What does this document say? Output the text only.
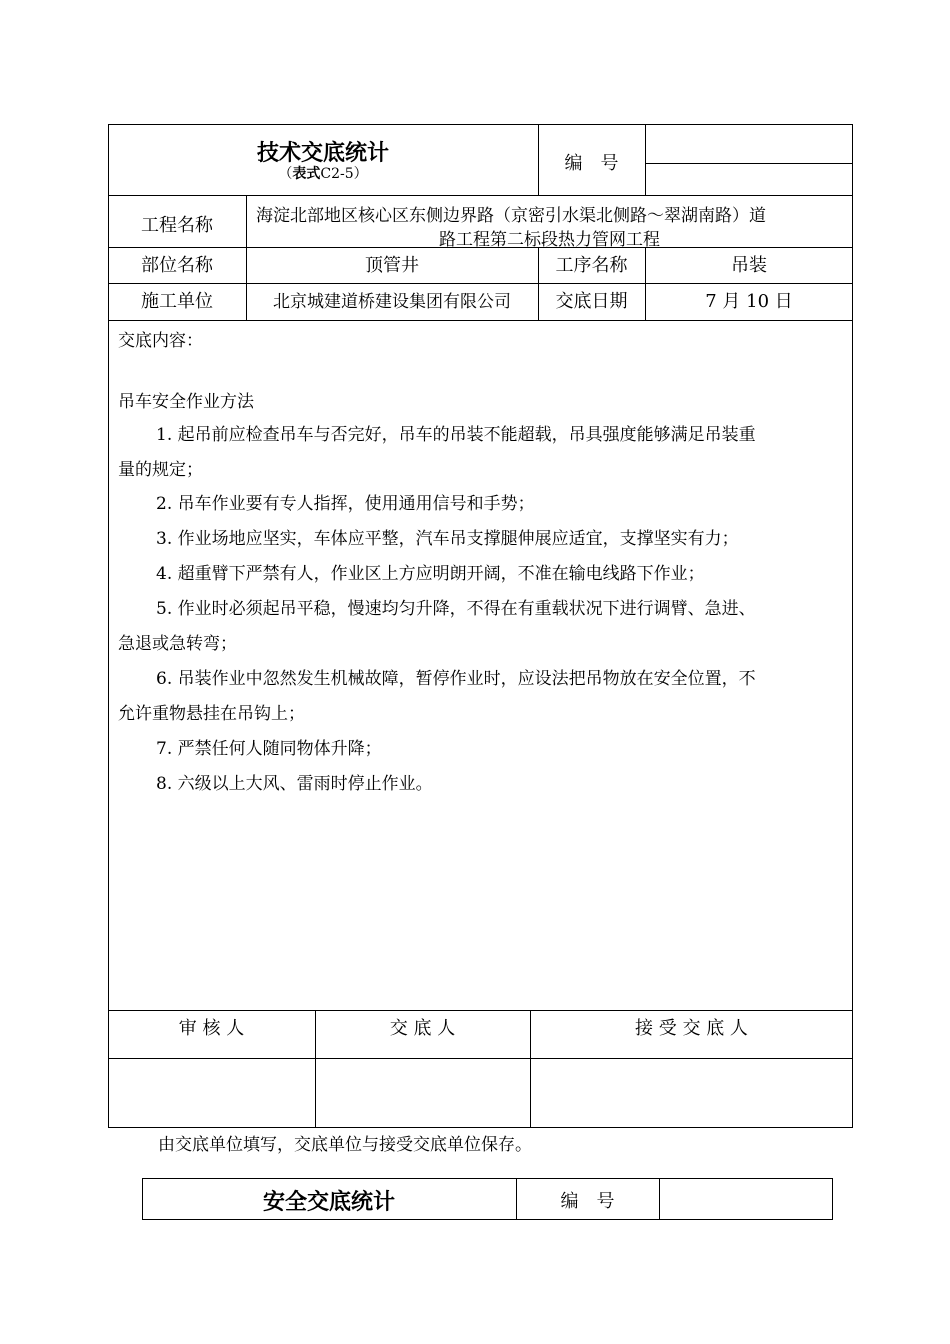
技术交底统计
（表式C2-5）	编　号
工程名称	海淀北部地区核心区东侧边界路（京密引水渠北侧路～翠湖南路）道
路工程第二标段热力管网工程
部位名称	顶管井	工序名称	吊装
施工单位	北京城建道桥建设集团有限公司	交底日期	7 月 10 日
交底内容：
吊车安全作业方法
1. 起吊前应检查吊车与否完好，吊车的吊装不能超载，吊具强度能够满足吊装重
量的规定；
2. 吊车作业要有专人指挥，使用通用信号和手势；
3. 作业场地应坚实，车体应平整，汽车吊支撑腿伸展应适宜，支撑坚实有力；
4. 超重臂下严禁有人，作业区上方应明朗开阔，不准在输电线路下作业；
5. 作业时必须起吊平稳，慢速均匀升降，不得在有重载状况下进行调臂、急进、
急退或急转弯；
6. 吊装作业中忽然发生机械故障，暂停作业时，应设法把吊物放在安全位置，不
允许重物悬挂在吊钩上；
7. 严禁任何人随同物体升降；
8. 六级以上大风、雷雨时停止作业。
审 核 人	交 底 人	接 受 交 底 人
由交底单位填写，交底单位与接受交底单位保存。
安全交底统计	编　号
